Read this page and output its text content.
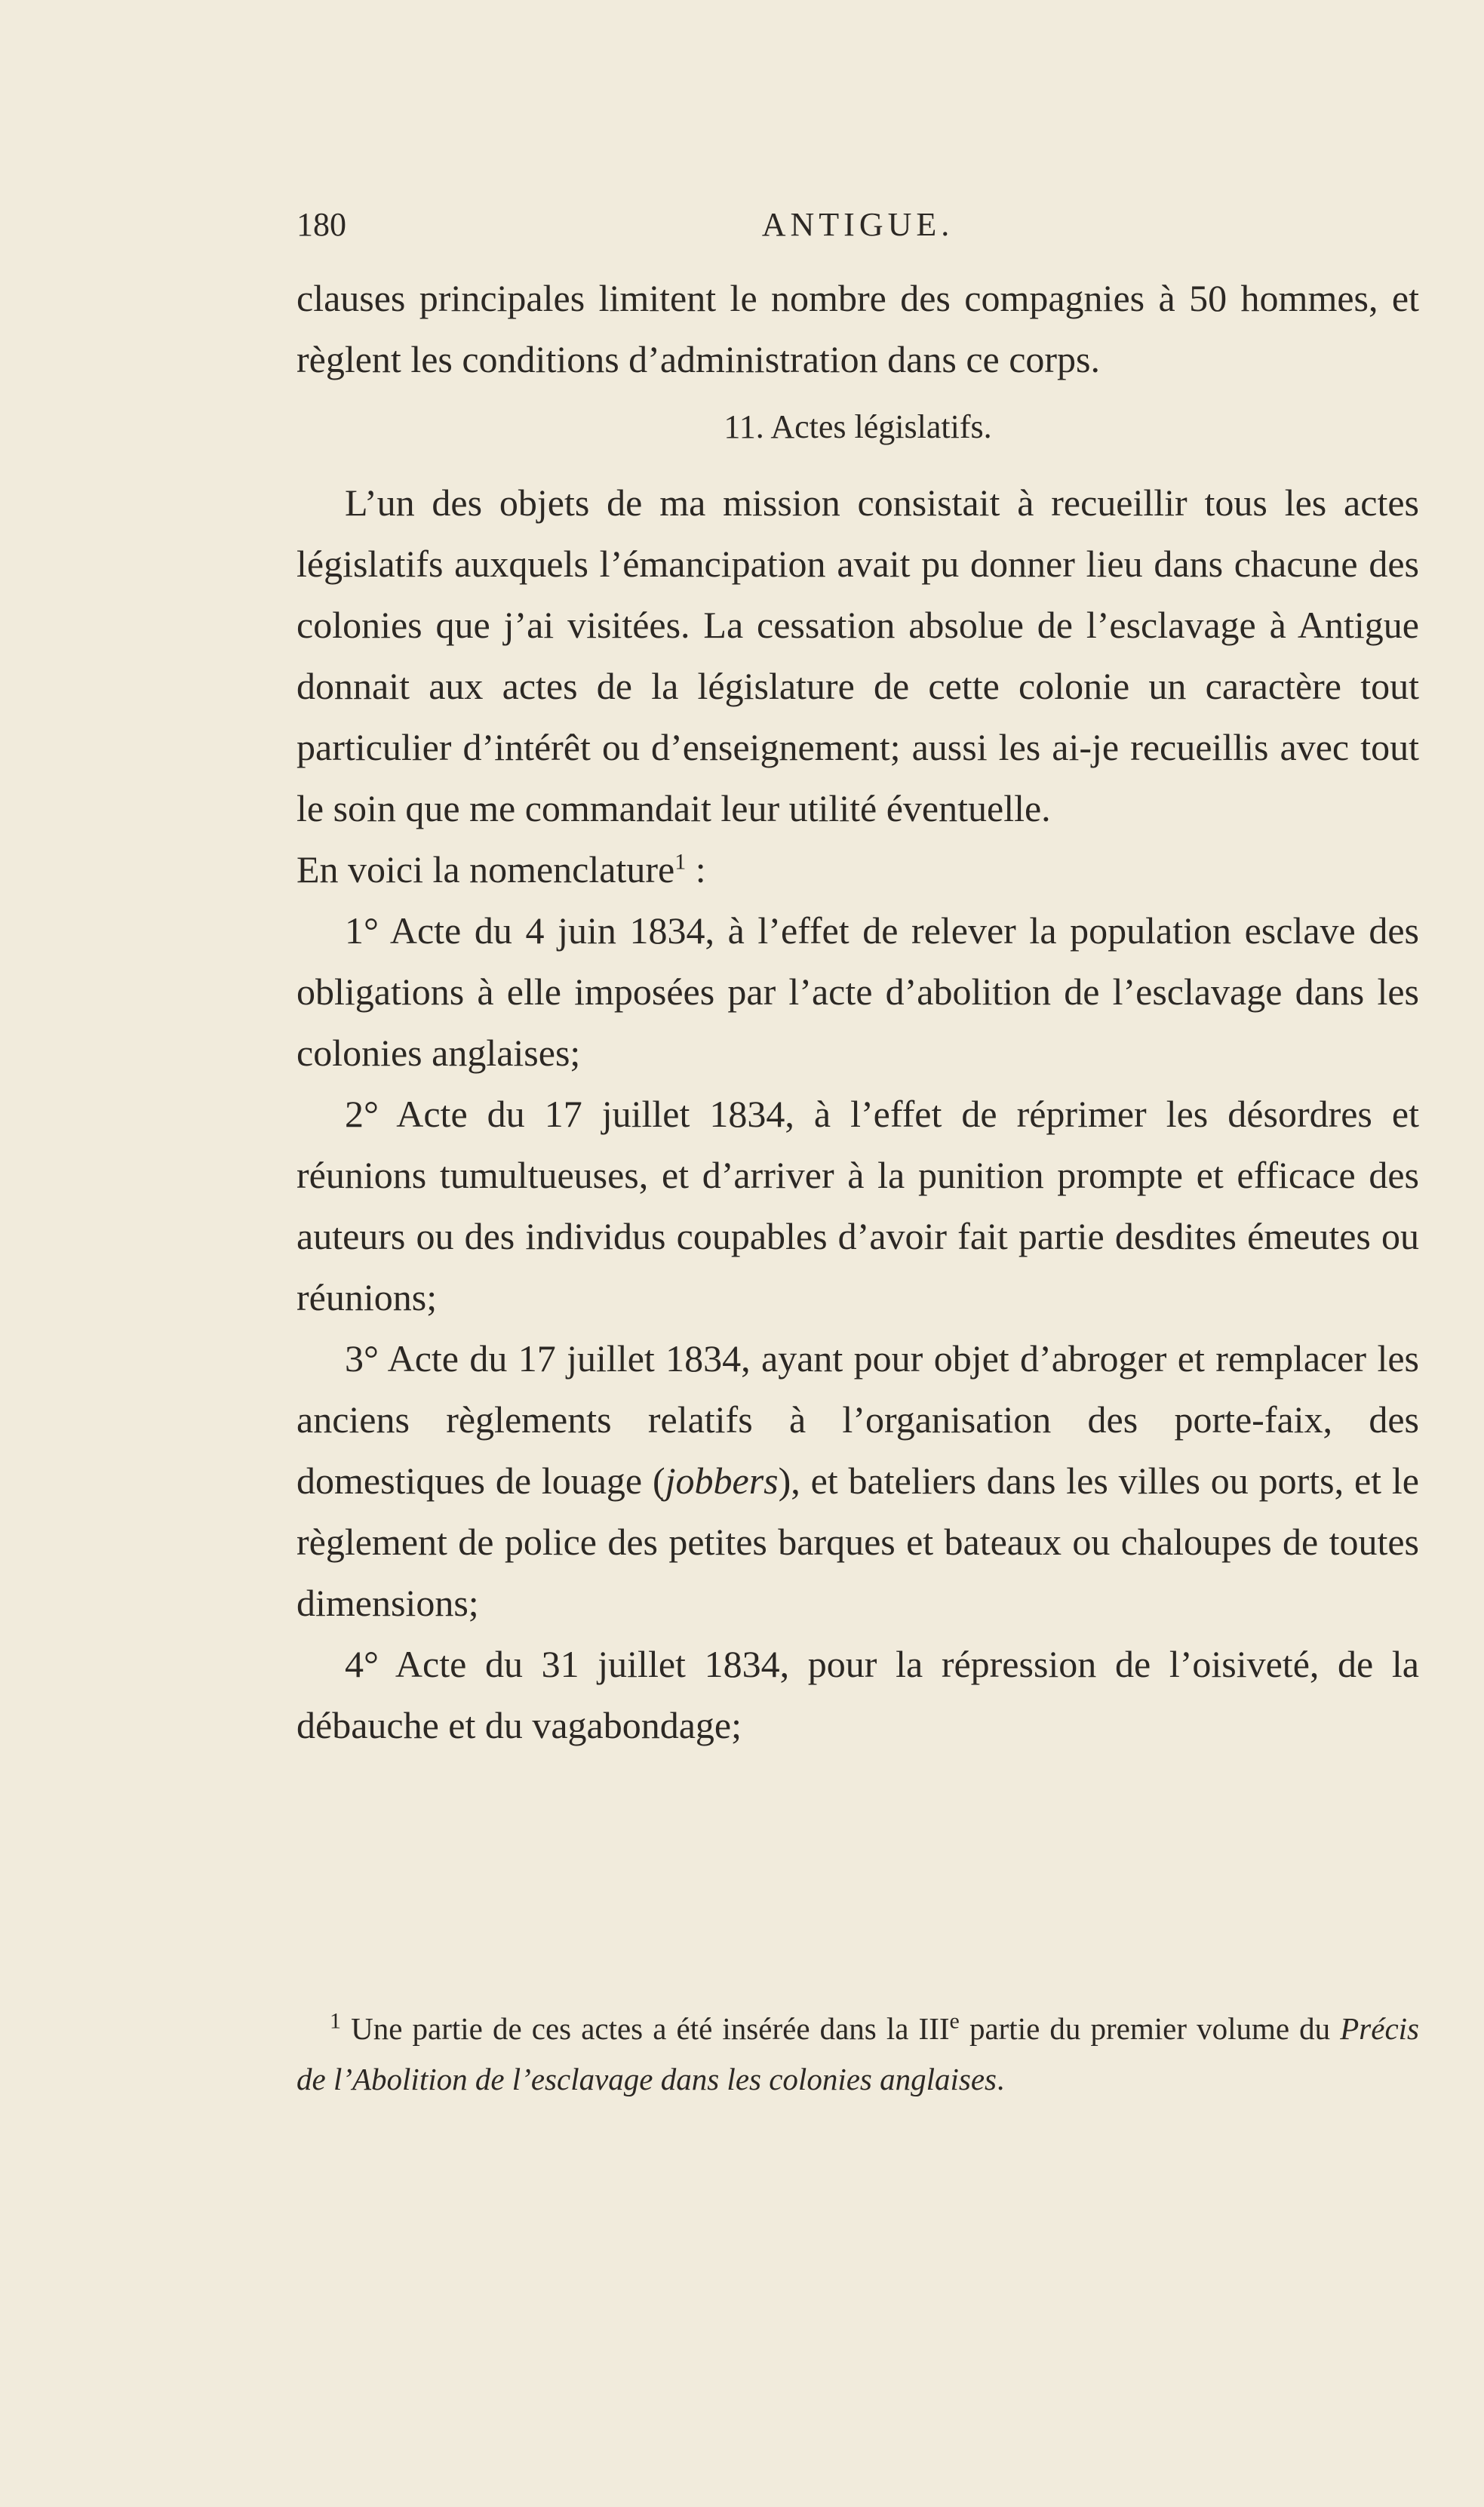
180	ANTIGUE.

clauses principales limitent le nombre des compagnies à 50 hommes, et règlent les conditions d’administration dans ce corps.

11. Actes législatifs.

L’un des objets de ma mission consistait à recueillir tous les actes législatifs auxquels l’émancipation avait pu donner lieu dans chacune des colonies que j’ai visitées. La cessation absolue de l’esclavage à Antigue donnait aux actes de la législature de cette colonie un caractère tout particulier d’intérêt ou d’enseignement; aussi les ai-je recueillis avec tout le soin que me commandait leur utilité éventuelle.

En voici la nomenclature$^1$ :

1° Acte du 4 juin 1834, à l’effet de relever la population esclave des obligations à elle imposées par l’acte d’abolition de l’esclavage dans les colonies anglaises;

2° Acte du 17 juillet 1834, à l’effet de réprimer les désordres et réunions tumultueuses, et d’arriver à la punition prompte et efficace des auteurs ou des individus coupables d’avoir fait partie desdites émeutes ou réunions;

3° Acte du 17 juillet 1834, ayant pour objet d’abroger et remplacer les anciens règlements relatifs à l’organisation des porte-faix, des domestiques de louage (jobbers), et bateliers dans les villes ou ports, et le règlement de police des petites barques et bateaux ou chaloupes de toutes dimensions;

4° Acte du 31 juillet 1834, pour la répression de l’oisiveté, de la débauche et du vagabondage;

$^1$ Une partie de ces actes a été insérée dans la IIIe partie du premier volume du Précis de l’Abolition de l’esclavage dans les colonies anglaises.
